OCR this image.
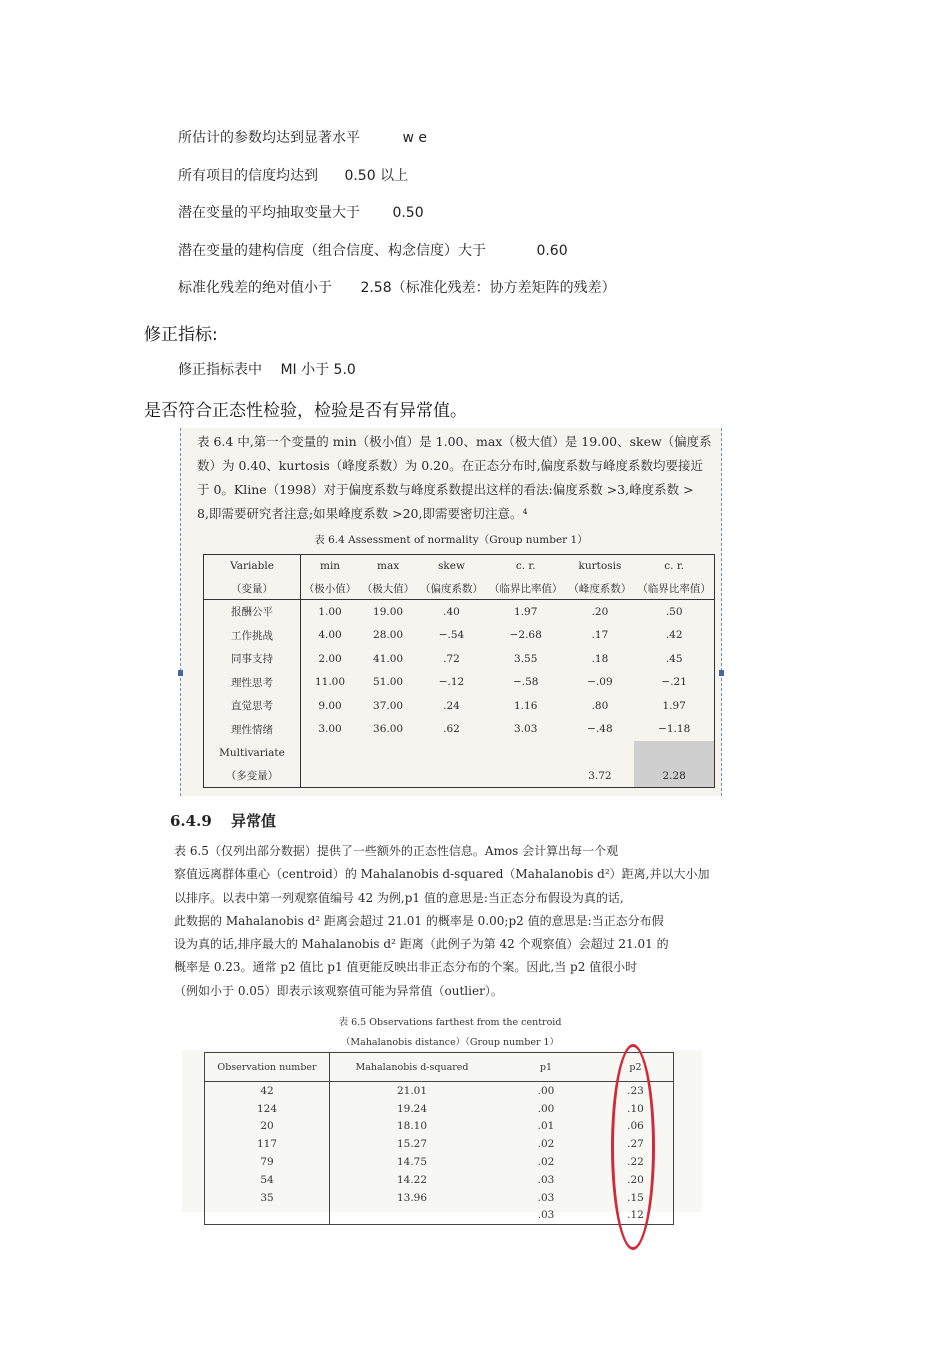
所估计的参数均达到显著水平	w e
所有项目的信度均达到 0.50 以上
潜在变量的平均抽取变量大于 0.50
潜在变量的建构信度（组合信度、构念信度）大于	0.60
标准化残差的绝对值小于 2.58（标准化残差：协方差矩阵的残差）
修正指标:
修正指标表中 MI 小于 5.0
是否符合正态性检验，检验是否有异常值。
表 6.4 中,第一个变量的 min（极小值）是 1.00、max（极大值）是 19.00、skew（偏度系
数）为 0.40、kurtosis（峰度系数）为 0.20。在正态分布时,偏度系数与峰度系数均要接近
于 0。Kline（1998）对于偏度系数与峰度系数提出这样的看法:偏度系数 >3,峰度系数 >
8,即需要研究者注意;如果峰度系数 >20,即需要密切注意。⁴
表 6.4 Assessment of normality（Group number 1）
Variable	min	max	skew	c. r.	kurtosis	c. r.
（变量）	（极小值）	（极大值）	（偏度系数）	（临界比率值）	（峰度系数）	（临界比率值）
报酬公平	1.00	19.00	.40	1.97	.20	.50
工作挑战	4.00	28.00	−.54	−2.68	.17	.42
同事支持	2.00	41.00	.72	3.55	.18	.45
理性思考	11.00	51.00	−.12	−.58	−.09	−.21
直觉思考	9.00	37.00	.24	1.16	.80	1.97
理性情绪	3.00	36.00	.62	3.03	−.48	−1.18
Multivariate						
（多变量）					3.72	2.28
6.4.9 异常值
表 6.5（仅列出部分数据）提供了一些额外的正态性信息。Amos 会计算出每一个观
察值远离群体重心（centroid）的 Mahalanobis d-squared（Mahalanobis d²）距离,并以大小加
以排序。以表中第一列观察值编号 42 为例,p1 值的意思是:当正态分布假设为真的话,
此数据的 Mahalanobis d² 距离会超过 21.01 的概率是 0.00;p2 值的意思是:当正态分布假
设为真的话,排序最大的 Mahalanobis d² 距离（此例子为第 42 个观察值）会超过 21.01 的
概率是 0.23。通常 p2 值比 p1 值更能反映出非正态分布的个案。因此,当 p2 值很小时
（例如小于 0.05）即表示该观察值可能为异常值（outlier）。
表 6.5 Observations farthest from the centroid
（Mahalanobis distance）（Group number 1）
Observation number	Mahalanobis d-squared	p1	p2
42	21.01	.00	.23
124	19.24	.00	.10
20	18.10	.01	.06
117	15.27	.02	.27
79	14.75	.02	.22
54	14.22	.03	.20
35	13.96	.03	.15
		.03	.12
